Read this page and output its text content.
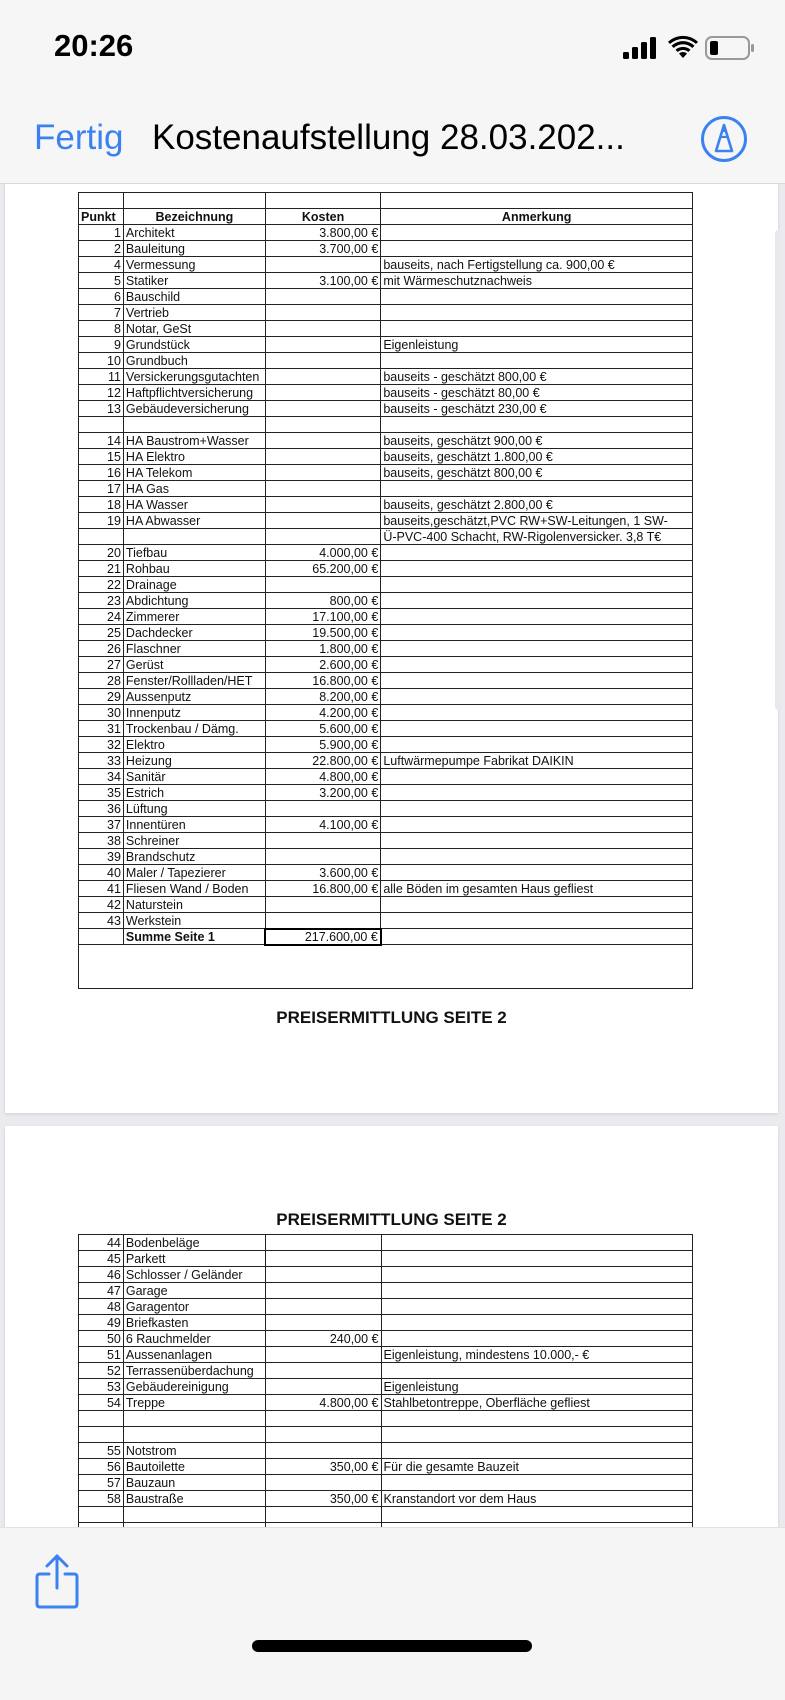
Punkt	Bezeichnung	Kosten	Anmerkung
1	Architekt	3.800,00 €	
2	Bauleitung	3.700,00 €	
4	Vermessung		bauseits, nach Fertigstellung ca. 900,00 €
5	Statiker	3.100,00 €	mit Wärmeschutznachweis
6	Bauschild		
7	Vertrieb		
8	Notar, GeSt		
9	Grundstück		Eigenleistung
10	Grundbuch		
11	Versickerungsgutachten		bauseits - geschätzt 800,00 €
12	Haftpflichtversicherung		bauseits - geschätzt 80,00 €
13	Gebäudeversicherung		bauseits - geschätzt 230,00 €

14	HA Baustrom+Wasser		bauseits, geschätzt 900,00 €
15	HA Elektro		bauseits, geschätzt 1.800,00 €
16	HA Telekom		bauseits, geschätzt 800,00 €
17	HA Gas		
18	HA Wasser		bauseits, geschätzt 2.800,00 €
19	HA Abwasser		bauseits,geschätzt,PVC RW+SW-Leitungen, 1 SW-
			Ü-PVC-400 Schacht, RW-Rigolenversicker. 3,8 T€
20	Tiefbau	4.000,00 €	
21	Rohbau	65.200,00 €	
22	Drainage		
23	Abdichtung	800,00 €	
24	Zimmerer	17.100,00 €	
25	Dachdecker	19.500,00 €	
26	Flaschner	1.800,00 €	
27	Gerüst	2.600,00 €	
28	Fenster/Rollladen/HET	16.800,00 €	
29	Aussenputz	8.200,00 €	
30	Innenputz	4.200,00 €	
31	Trockenbau / Dämg.	5.600,00 €	
32	Elektro	5.900,00 €	
33	Heizung	22.800,00 €	Luftwärmepumpe Fabrikat DAIKIN
34	Sanitär	4.800,00 €	
35	Estrich	3.200,00 €	
36	Lüftung		
37	Innentüren	4.100,00 €	
38	Schreiner		
39	Brandschutz		
40	Maler / Tapezierer	3.600,00 €	
41	Fliesen Wand / Boden	16.800,00 €	alle Böden im gesamten Haus gefliest
42	Naturstein		
43	Werkstein		
	Summe Seite 1	217.600,00 €	

PREISERMITTLUNG SEITE 2
PREISERMITTLUNG SEITE 2
44	Bodenbeläge		
45	Parkett		
46	Schlosser / Geländer		
47	Garage		
48	Garagentor		
49	Briefkasten		
50	6 Rauchmelder	240,00 €	
51	Aussenanlagen		Eigenleistung, mindestens 10.000,- €
52	Terrassenüberdachung		
53	Gebäudereinigung		Eigenleistung
54	Treppe	4.800,00 €	Stahlbetontreppe, Oberfläche gefliest

55	Notstrom		
56	Bautoilette	350,00 €	Für die gesamte Bauzeit
57	Bauzaun		
58	Baustraße	350,00 €	Kranstandort vor dem Haus

20:26
Fertig Kostenaufstellung 28.03.202...
